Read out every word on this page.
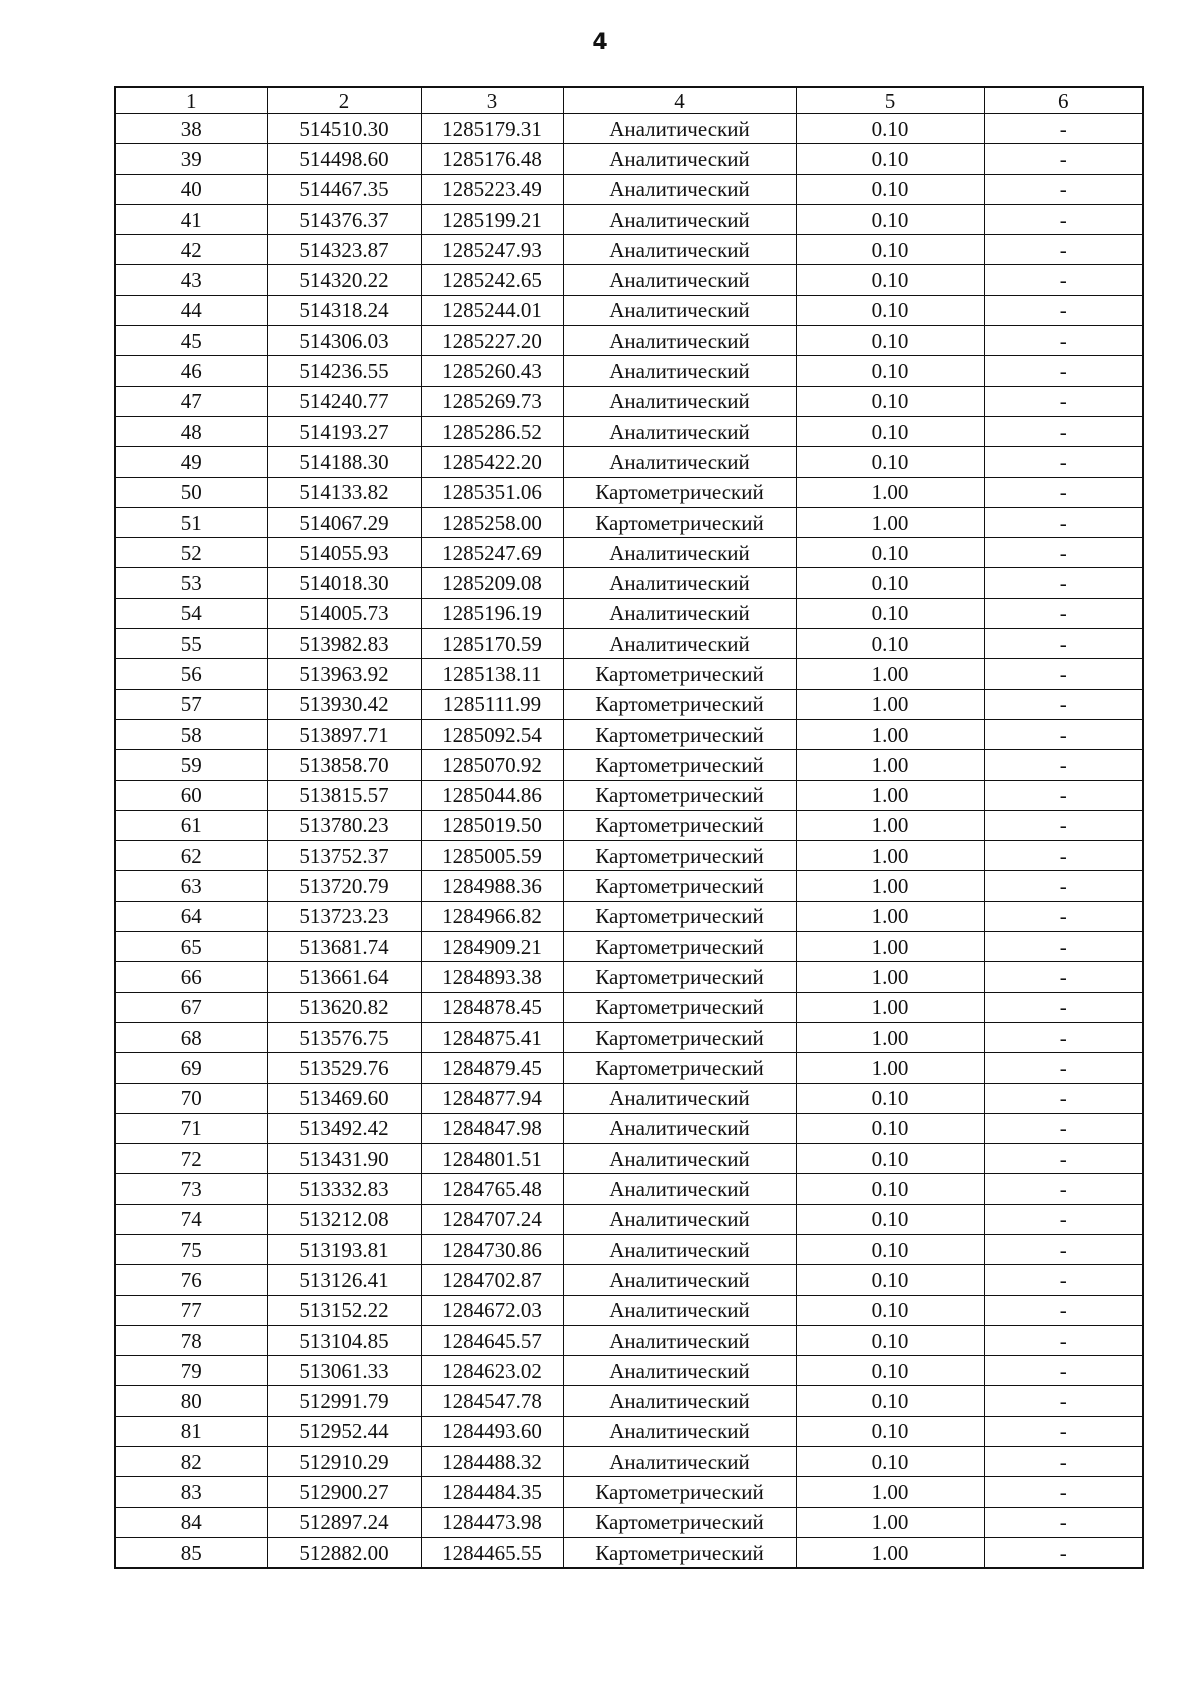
4
1	2	3	4	5	6
38	514510.30	1285179.31	Аналитический	0.10	-
39	514498.60	1285176.48	Аналитический	0.10	-
40	514467.35	1285223.49	Аналитический	0.10	-
41	514376.37	1285199.21	Аналитический	0.10	-
42	514323.87	1285247.93	Аналитический	0.10	-
43	514320.22	1285242.65	Аналитический	0.10	-
44	514318.24	1285244.01	Аналитический	0.10	-
45	514306.03	1285227.20	Аналитический	0.10	-
46	514236.55	1285260.43	Аналитический	0.10	-
47	514240.77	1285269.73	Аналитический	0.10	-
48	514193.27	1285286.52	Аналитический	0.10	-
49	514188.30	1285422.20	Аналитический	0.10	-
50	514133.82	1285351.06	Картометрический	1.00	-
51	514067.29	1285258.00	Картометрический	1.00	-
52	514055.93	1285247.69	Аналитический	0.10	-
53	514018.30	1285209.08	Аналитический	0.10	-
54	514005.73	1285196.19	Аналитический	0.10	-
55	513982.83	1285170.59	Аналитический	0.10	-
56	513963.92	1285138.11	Картометрический	1.00	-
57	513930.42	1285111.99	Картометрический	1.00	-
58	513897.71	1285092.54	Картометрический	1.00	-
59	513858.70	1285070.92	Картометрический	1.00	-
60	513815.57	1285044.86	Картометрический	1.00	-
61	513780.23	1285019.50	Картометрический	1.00	-
62	513752.37	1285005.59	Картометрический	1.00	-
63	513720.79	1284988.36	Картометрический	1.00	-
64	513723.23	1284966.82	Картометрический	1.00	-
65	513681.74	1284909.21	Картометрический	1.00	-
66	513661.64	1284893.38	Картометрический	1.00	-
67	513620.82	1284878.45	Картометрический	1.00	-
68	513576.75	1284875.41	Картометрический	1.00	-
69	513529.76	1284879.45	Картометрический	1.00	-
70	513469.60	1284877.94	Аналитический	0.10	-
71	513492.42	1284847.98	Аналитический	0.10	-
72	513431.90	1284801.51	Аналитический	0.10	-
73	513332.83	1284765.48	Аналитический	0.10	-
74	513212.08	1284707.24	Аналитический	0.10	-
75	513193.81	1284730.86	Аналитический	0.10	-
76	513126.41	1284702.87	Аналитический	0.10	-
77	513152.22	1284672.03	Аналитический	0.10	-
78	513104.85	1284645.57	Аналитический	0.10	-
79	513061.33	1284623.02	Аналитический	0.10	-
80	512991.79	1284547.78	Аналитический	0.10	-
81	512952.44	1284493.60	Аналитический	0.10	-
82	512910.29	1284488.32	Аналитический	0.10	-
83	512900.27	1284484.35	Картометрический	1.00	-
84	512897.24	1284473.98	Картометрический	1.00	-
85	512882.00	1284465.55	Картометрический	1.00	-
